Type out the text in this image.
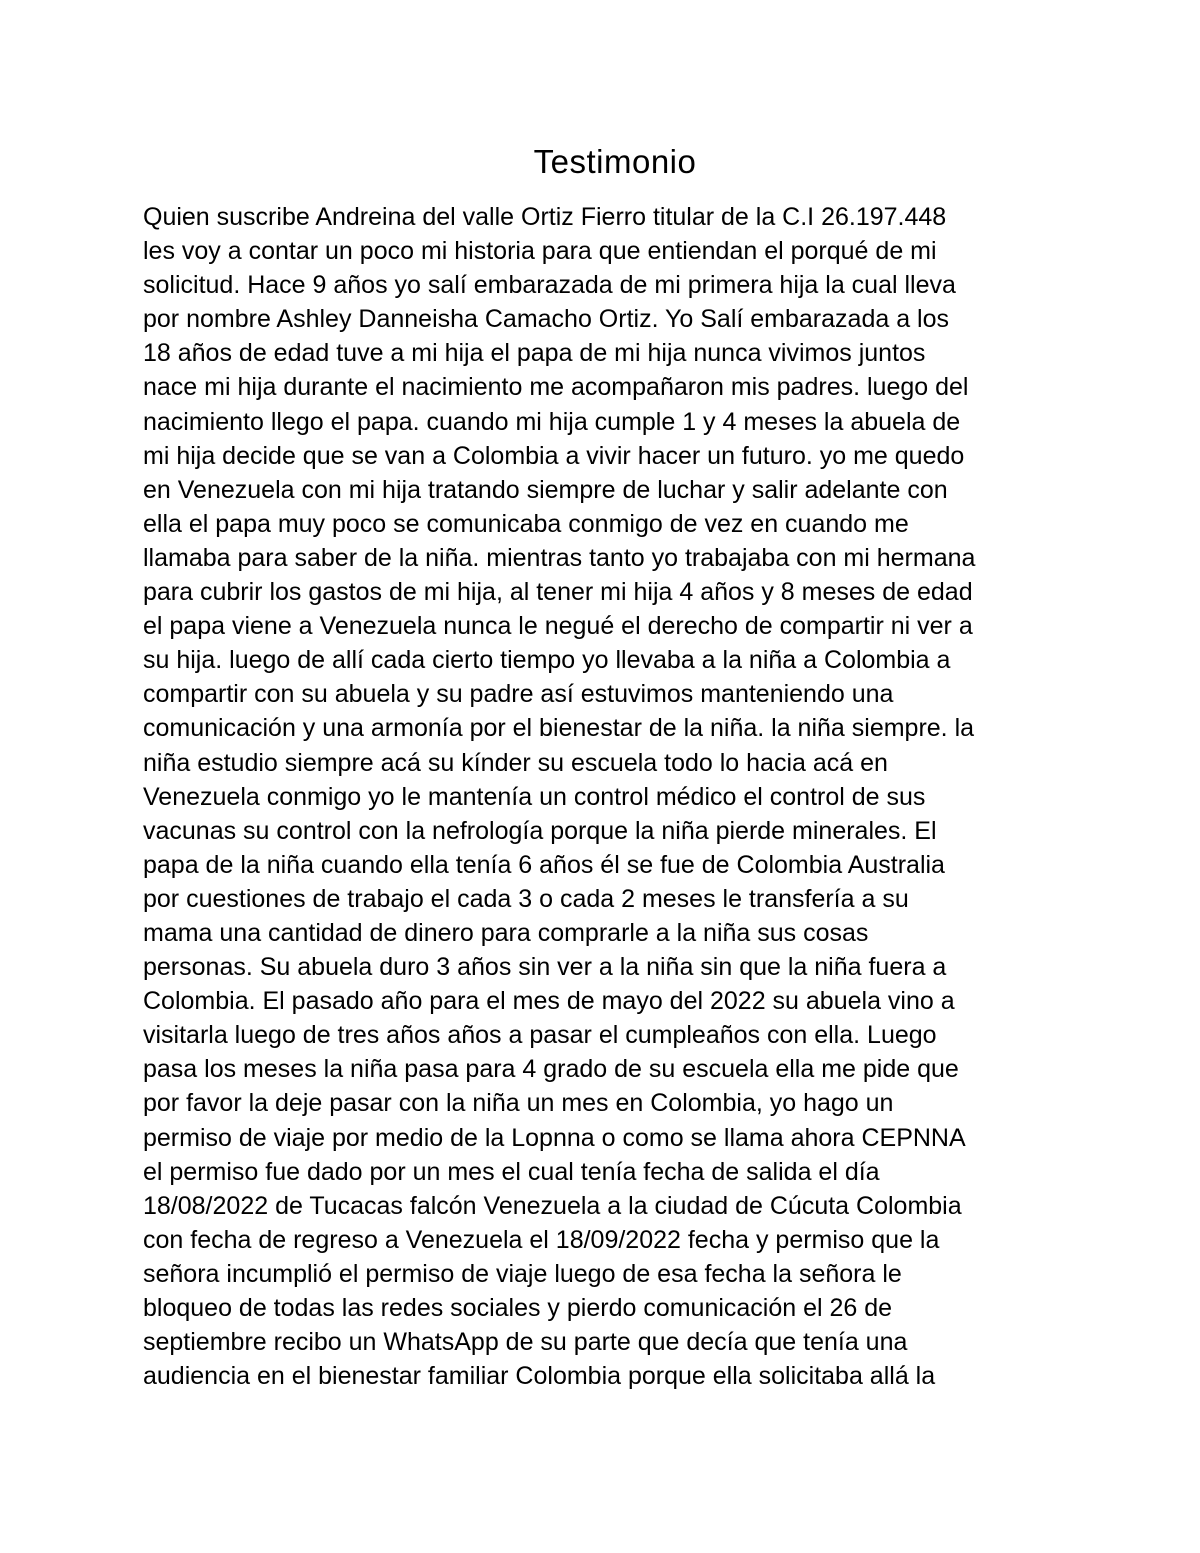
Testimonio
Quien suscribe Andreina del valle Ortiz Fierro titular de la C.I 26.197.448
les voy a contar un poco mi historia para que entiendan el porqué de mi
solicitud. Hace 9 años yo salí embarazada de mi primera hija la cual lleva
por nombre Ashley Danneisha Camacho Ortiz. Yo Salí embarazada a los
18 años de edad tuve a mi hija el papa de mi hija nunca vivimos juntos
nace mi hija durante el nacimiento me acompañaron mis padres. luego del
nacimiento llego el papa. cuando mi hija cumple 1 y 4 meses la abuela de
mi hija decide que se van a Colombia a vivir hacer un futuro. yo me quedo
en Venezuela con mi hija tratando siempre de luchar y salir adelante con
ella el papa muy poco se comunicaba conmigo de vez en cuando me
llamaba para saber de la niña. mientras tanto yo trabajaba con mi hermana
para cubrir los gastos de mi hija, al tener mi hija 4 años y 8 meses de edad
el papa viene a Venezuela nunca le negué el derecho de compartir ni ver a
su hija. luego de allí cada cierto tiempo yo llevaba a la niña a Colombia a
compartir con su abuela y su padre así estuvimos manteniendo una
comunicación y una armonía por el bienestar de la niña. la niña siempre. la
niña estudio siempre acá su kínder su escuela todo lo hacia acá en
Venezuela conmigo yo le mantenía un control médico el control de sus
vacunas su control con la nefrología porque la niña pierde minerales. El
papa de la niña cuando ella tenía 6 años él se fue de Colombia Australia
por cuestiones de trabajo el cada 3 o cada 2 meses le transfería a su
mama una cantidad de dinero para comprarle a la niña sus cosas
personas. Su abuela duro 3 años sin ver a la niña sin que la niña fuera a
Colombia. El pasado año para el mes de mayo del 2022 su abuela vino a
visitarla luego de tres años años a pasar el cumpleaños con ella. Luego
pasa los meses la niña pasa para 4 grado de su escuela ella me pide que
por favor la deje pasar con la niña un mes en Colombia, yo hago un
permiso de viaje por medio de la Lopnna o como se llama ahora CEPNNA
el permiso fue dado por un mes el cual tenía fecha de salida el día
18/08/2022 de Tucacas falcón Venezuela a la ciudad de Cúcuta Colombia
con fecha de regreso a Venezuela el 18/09/2022 fecha y permiso que la
señora incumplió el permiso de viaje luego de esa fecha la señora le
bloqueo de todas las redes sociales y pierdo comunicación el 26 de
septiembre recibo un WhatsApp de su parte que decía que tenía una
audiencia en el bienestar familiar Colombia porque ella solicitaba allá la
